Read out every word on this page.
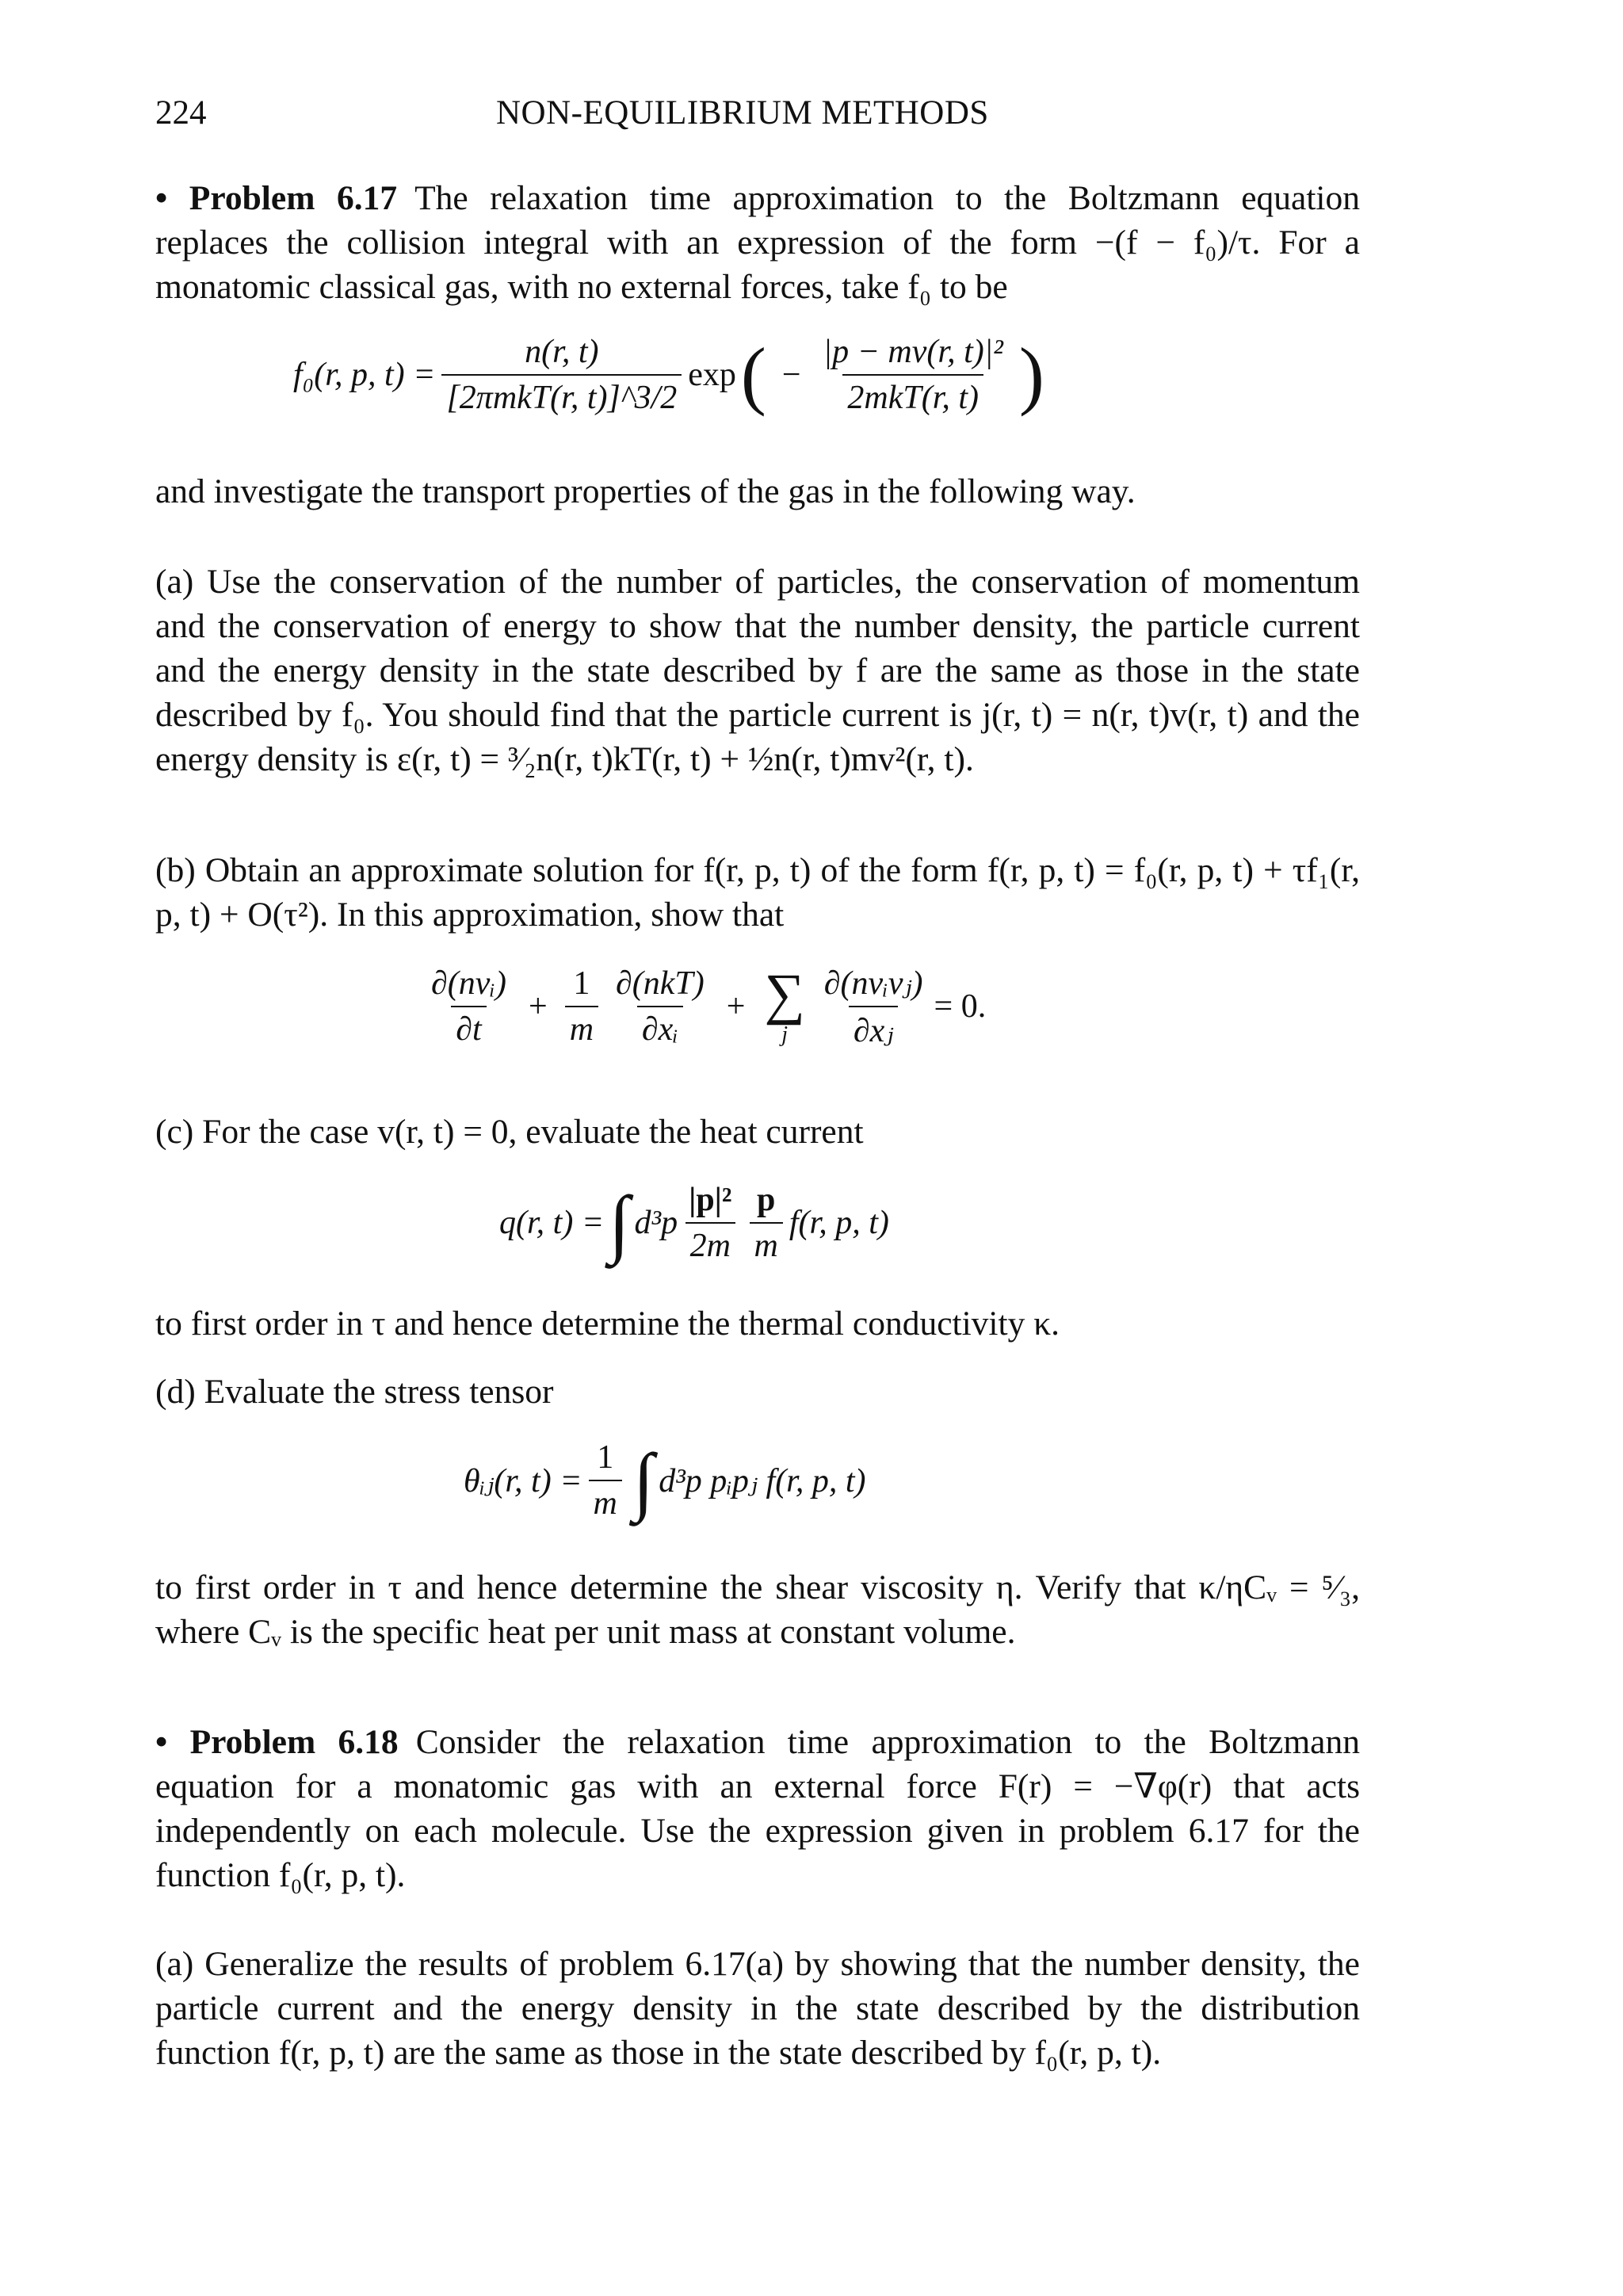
224	NON-EQUILIBRIUM METHODS

• Problem 6.17 The relaxation time approximation to the Boltzmann equation replaces the collision integral with an expression of the form −(f − f₀)/τ. For a monatomic classical gas, with no external forces, take f₀ to be

f₀(r, p, $t) = \frac{n(r, t)}{\text{[2πmkT(r, t)]\textasciicircum{}3/2}}$ exp ( − $\frac{\text{|p − mv(r, t)|²}}{\text{2mkT(r, t)}}$ )

and investigate the transport properties of the gas in the following way.

(a) Use the conservation of the number of particles, the conservation of momentum and the conservation of energy to show that the number density, the particle current and the energy density in the state described by f are the same as those in the state described by f₀. You should find that the particle current is j(r, t) = n(r, t)v(r, t) and the energy density is ε(r, t) = ³⁄₂n(r, t)kT(r, t) + ½n(r, t)mv²(r, t).

(b) Obtain an approximate solution for f(r, p, t) of the form f(r, p, t) = f₀(r, p, t) + τf₁(r, p, t) + O(τ²). In this approximation, show that

$\frac{\text{∂(nvᵢ)}}{\partial t} + \frac{1}{m} \frac{\text{∂(nkT)}}{\text{∂xᵢ}}$ + ∑
j $\frac{\text{∂(nvᵢvⱼ)}}{\text{∂xⱼ}} = 0$.

(c) For the case v(r, t) = 0, evaluate the heat current

q(r, t) = ∫ $d^3p \frac{\text{|p|²}}{2m} \frac{p}{m} f(r$, p, t)

to first order in τ and hence determine the thermal conductivity κ.

(d) Evaluate the stress tensor

θᵢⱼ(r, $t) = \frac{1}{m}$ ∫ d³p pᵢpⱼ f(r, p, t)

to first order in τ and hence determine the shear viscosity η. Verify that κ/ηCᵥ = ⁵⁄₃, where Cᵥ is the specific heat per unit mass at constant volume.

• Problem 6.18 Consider the relaxation time approximation to the Boltzmann equation for a monatomic gas with an external force F(r) = −∇φ(r) that acts independently on each molecule. Use the expression given in problem 6.17 for the function f₀(r, p, t).

(a) Generalize the results of problem 6.17(a) by showing that the number density, the particle current and the energy density in the state described by the distribution function f(r, p, t) are the same as those in the state described by f₀(r, p, t).
